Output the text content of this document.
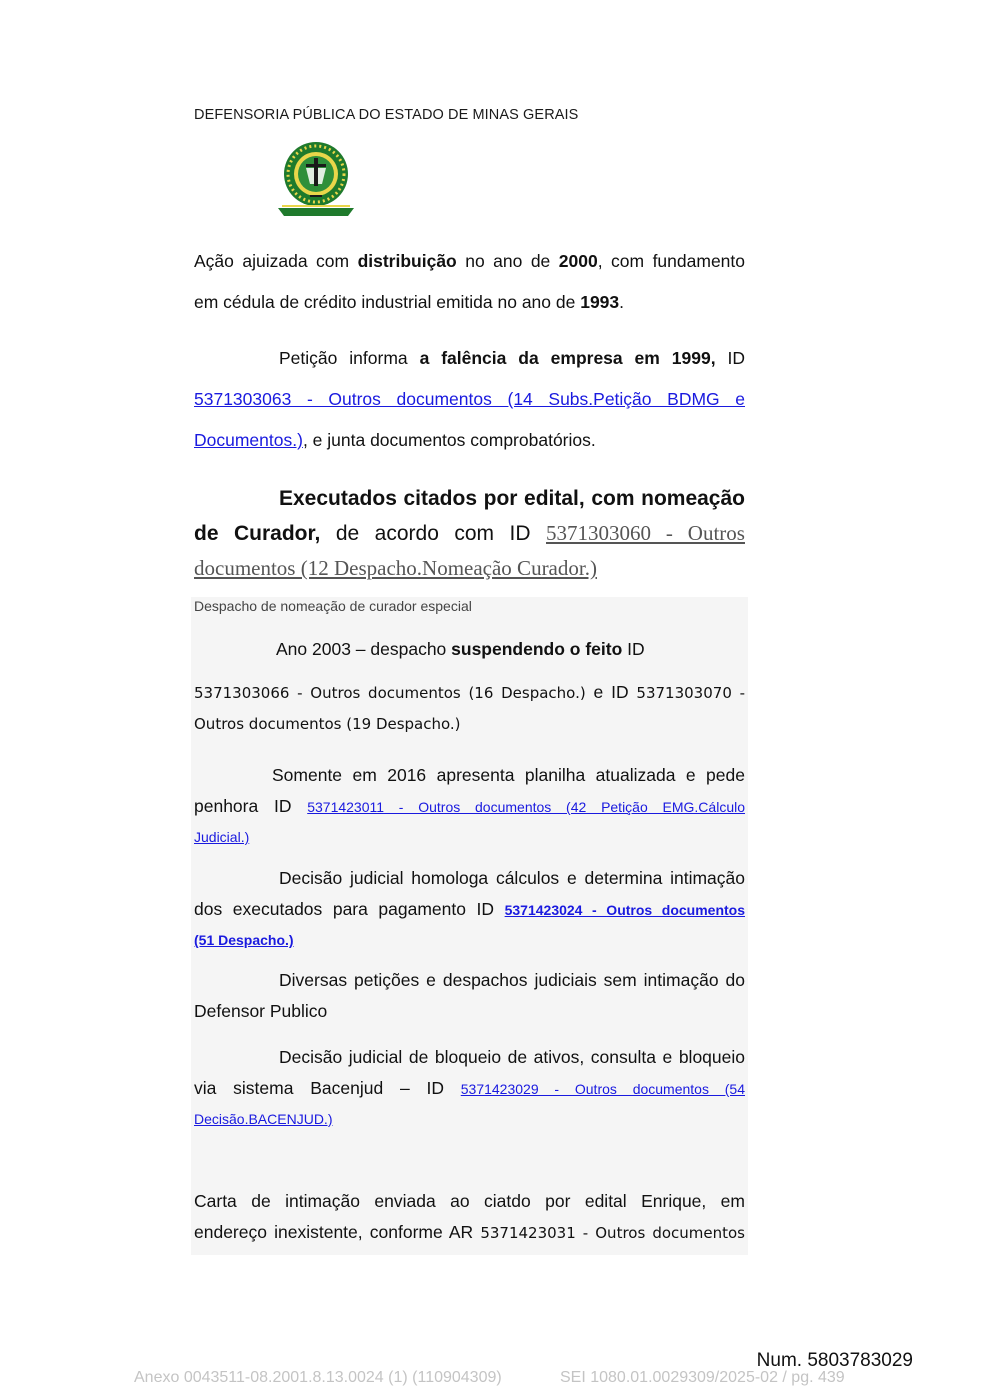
DEFENSORIA PÚBLICA DO ESTADO DE MINAS GERAIS
Ação ajuizada com distribuição no ano de 2000, com fundamento
em cédula de crédito industrial emitida no ano de 1993.
Petição informa a falência da empresa em 1999, ID
5371303063 - Outros documentos (14 Subs.Petição BDMG e
Documentos.), e junta documentos comprobatórios.
Executados citados por edital, com nomeação
de Curador, de acordo com ID 5371303060 - Outros
documentos (12 Despacho.Nomeação Curador.)
Despacho de nomeação de curador especial
Ano 2003 – despacho suspendendo o feito ID
5371303066 - Outros documentos (16 Despacho.) e ID 5371303070 -
Outros documentos (19 Despacho.)
Somente em 2016 apresenta planilha atualizada e pede
penhora ID 5371423011 - Outros documentos (42 Petição EMG.Cálculo
Judicial.)
Decisão judicial homologa cálculos e determina intimação
dos executados para pagamento ID 5371423024 - Outros documentos
(51 Despacho.)
Diversas petições e despachos judiciais sem intimação do
Defensor Publico
Decisão judicial de bloqueio de ativos, consulta e bloqueio
via sistema Bacenjud – ID 5371423029 - Outros documentos (54
Decisão.BACENJUD.)
Carta de intimação enviada ao ciatdo por edital Enrique, em
endereço inexistente, conforme AR 5371423031 - Outros documentos
Num. 5803783029
Anexo 0043511-08.2001.8.13.0024 (1) (110904309)	SEI 1080.01.0029309/2025-02 / pg. 439
